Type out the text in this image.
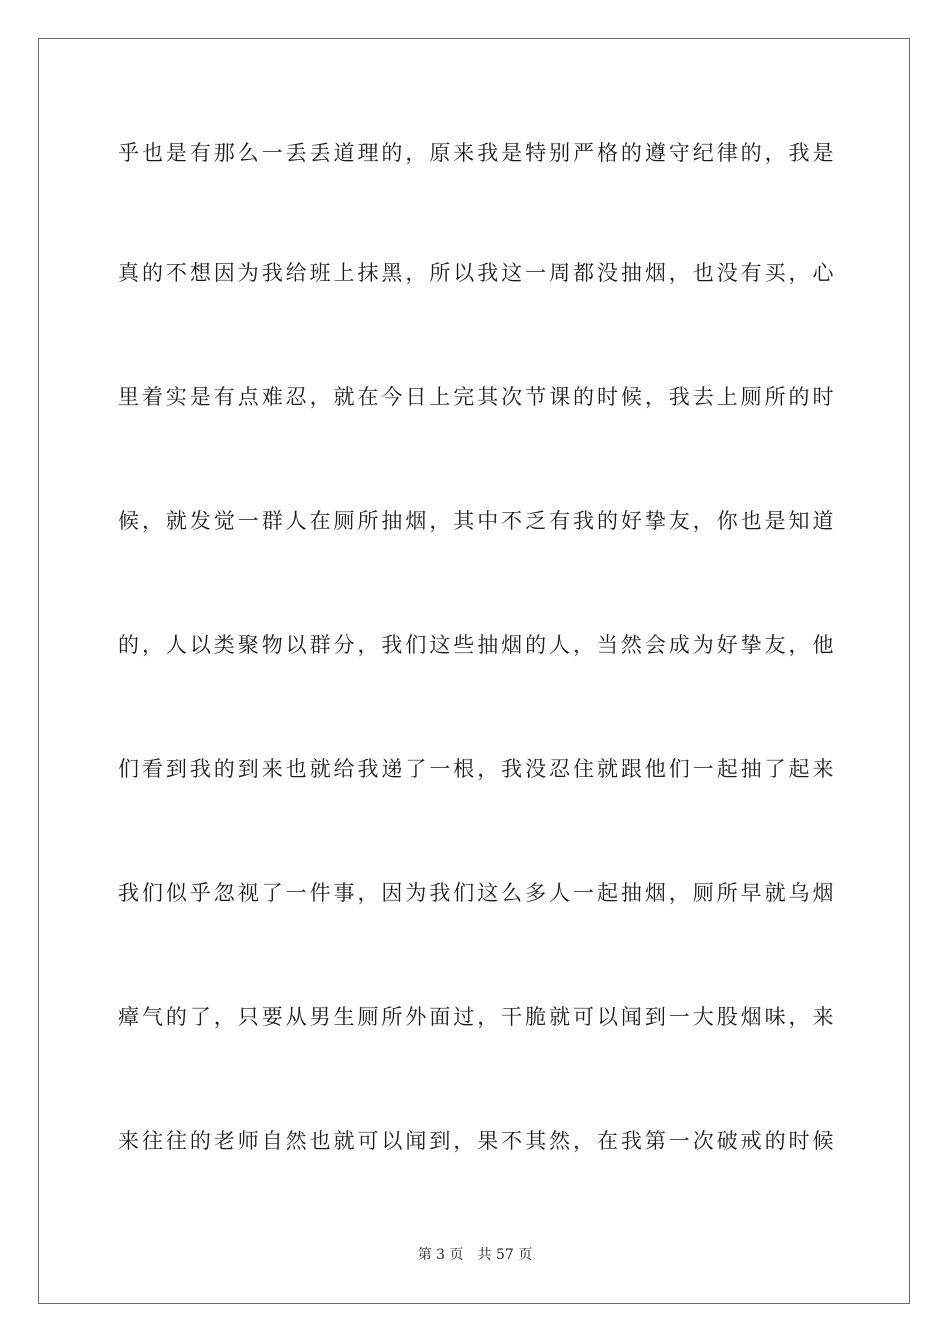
乎也是有那么一丢丢道理的，原来我是特别严格的遵守纪律的，我是
真的不想因为我给班上抹黑，所以我这一周都没抽烟，也没有买，心
里着实是有点难忍，就在今日上完其次节课的时候，我去上厕所的时
候，就发觉一群人在厕所抽烟，其中不乏有我的好挚友，你也是知道
的，人以类聚物以群分，我们这些抽烟的人，当然会成为好挚友，他
们看到我的到来也就给我递了一根，我没忍住就跟他们一起抽了起来
我们似乎忽视了一件事，因为我们这么多人一起抽烟，厕所早就乌烟
瘴气的了，只要从男生厕所外面过，干脆就可以闻到一大股烟味，来
来往往的老师自然也就可以闻到，果不其然，在我第一次破戒的时候
第 3 页　共 57 页
